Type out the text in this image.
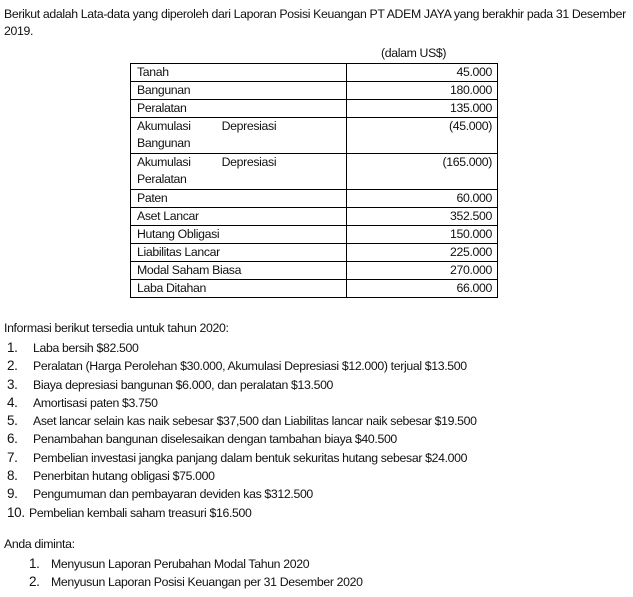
Berikut adalah Lata-data yang diperoleh dari Laporan Posisi Keuangan PT ADEM JAYA yang berakhir pada 31 Desember 2019.
(dalam US$)
Tanah	45.000
Bangunan	180.000
Peralatan	135.000
Akumulasi Depresiasi Bangunan	(45.000)
Akumulasi Depresiasi Peralatan	(165.000)
Paten	60.000
Aset Lancar	352.500
Hutang Obligasi	150.000
Liabilitas Lancar	225.000
Modal Saham Biasa	270.000
Laba Ditahan	66.000
Informasi berikut tersedia untuk tahun 2020:
1.	Laba bersih $82.500
2.	Peralatan (Harga Perolehan $30.000, Akumulasi Depresiasi $12.000) terjual $13.500
3.	Biaya depresiasi bangunan $6.000, dan peralatan $13.500
4.	Amortisasi paten $3.750
5.	Aset lancar selain kas naik sebesar $37,500 dan Liabilitas lancar naik sebesar $19.500
6.	Penambahan bangunan diselesaikan dengan tambahan biaya $40.500
7.	Pembelian investasi jangka panjang dalam bentuk sekuritas hutang sebesar $24.000
8.	Penerbitan hutang obligasi $75.000
9.	Pengumuman dan pembayaran deviden kas $312.500
10. Pembelian kembali saham treasuri $16.500
Anda diminta:
1. Menyusun Laporan Perubahan Modal Tahun 2020
2. Menyusun Laporan Posisi Keuangan per 31 Desember 2020
